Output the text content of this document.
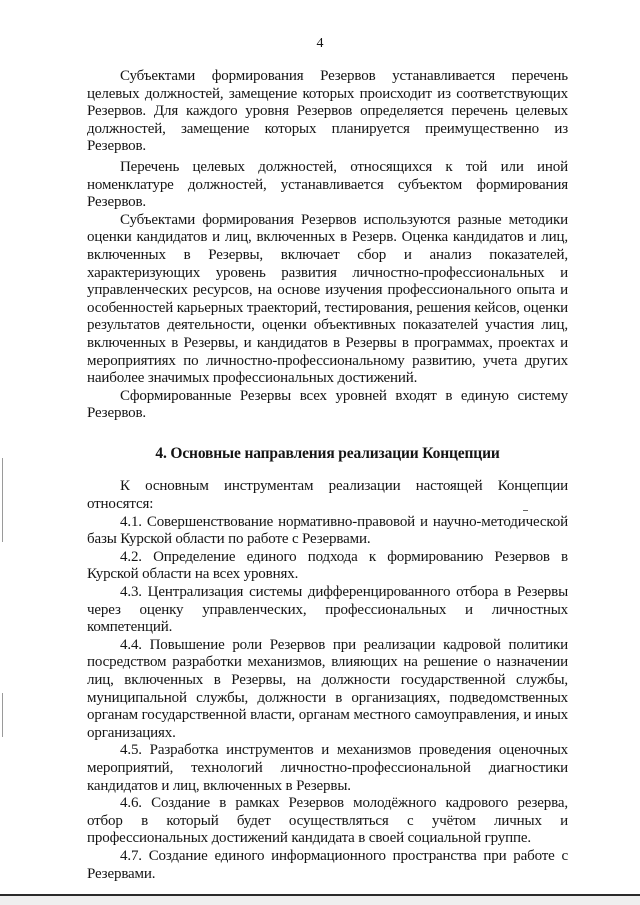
4

Субъектами формирования Резервов устанавливается перечень целевых должностей, замещение которых происходит из соответствующих Резервов. Для каждого уровня Резервов определяется перечень целевых должностей, замещение которых планируется преимущественно из Резервов.

Перечень целевых должностей, относящихся к той или иной номенклатуре должностей, устанавливается субъектом формирования Резервов.

Субъектами формирования Резервов используются разные методики оценки кандидатов и лиц, включенных в Резерв. Оценка кандидатов и лиц, включенных в Резервы, включает сбор и анализ показателей, характеризующих уровень развития личностно-профессиональных и управленческих ресурсов, на основе изучения профессионального опыта и особенностей карьерных траекторий, тестирования, решения кейсов, оценки результатов деятельности, оценки объективных показателей участия лиц, включенных в Резервы, и кандидатов в Резервы в программах, проектах и мероприятиях по личностно-профессиональному развитию, учета других наиболее значимых профессиональных достижений.

Сформированные Резервы всех уровней входят в единую систему Резервов.

4. Основные направления реализации Концепции

К основным инструментам реализации настоящей Концепции относятся:

4.1. Совершенствование нормативно-правовой и научно-методической базы Курской области по работе с Резервами.

4.2. Определение единого подхода к формированию Резервов в Курской области на всех уровнях.

4.3. Централизация системы дифференцированного отбора в Резервы через оценку управленческих, профессиональных и личностных компетенций.

4.4. Повышение роли Резервов при реализации кадровой политики посредством разработки механизмов, влияющих на решение о назначении лиц, включенных в Резервы, на должности государственной службы, муниципальной службы, должности в организациях, подведомственных органам государственной власти, органам местного самоуправления, и иных организациях.

4.5. Разработка инструментов и механизмов проведения оценочных мероприятий, технологий личностно-профессиональной диагностики кандидатов и лиц, включенных в Резервы.

4.6. Создание в рамках Резервов молодёжного кадрового резерва, отбор в который будет осуществляться с учётом личных и профессиональных достижений кандидата в своей социальной группе.

4.7. Создание единого информационного пространства при работе с Резервами.
